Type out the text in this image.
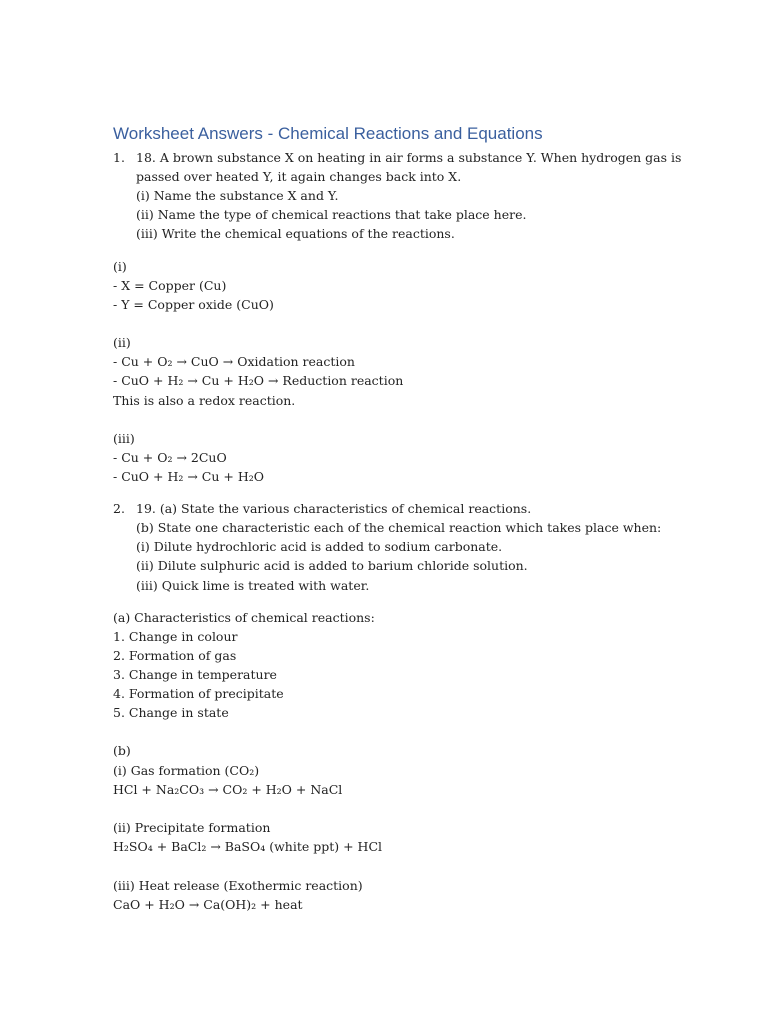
Worksheet Answers - Chemical Reactions and Equations
1. 18. A brown substance X on heating in air forms a substance Y. When hydrogen gas is
passed over heated Y, it again changes back into X.
(i) Name the substance X and Y.
(ii) Name the type of chemical reactions that take place here.
(iii) Write the chemical equations of the reactions.
(i)
- X = Copper (Cu)
- Y = Copper oxide (CuO)
(ii)
- Cu + O₂ → CuO → Oxidation reaction
- CuO + H₂ → Cu + H₂O → Reduction reaction
This is also a redox reaction.
(iii)
- Cu + O₂ → 2CuO
- CuO + H₂ → Cu + H₂O
2. 19. (a) State the various characteristics of chemical reactions.
(b) State one characteristic each of the chemical reaction which takes place when:
(i) Dilute hydrochloric acid is added to sodium carbonate.
(ii) Dilute sulphuric acid is added to barium chloride solution.
(iii) Quick lime is treated with water.
(a) Characteristics of chemical reactions:
1. Change in colour
2. Formation of gas
3. Change in temperature
4. Formation of precipitate
5. Change in state
(b)
(i) Gas formation (CO₂)
HCl + Na₂CO₃ → CO₂ + H₂O + NaCl
(ii) Precipitate formation
H₂SO₄ + BaCl₂ → BaSO₄ (white ppt) + HCl
(iii) Heat release (Exothermic reaction)
CaO + H₂O → Ca(OH)₂ + heat
